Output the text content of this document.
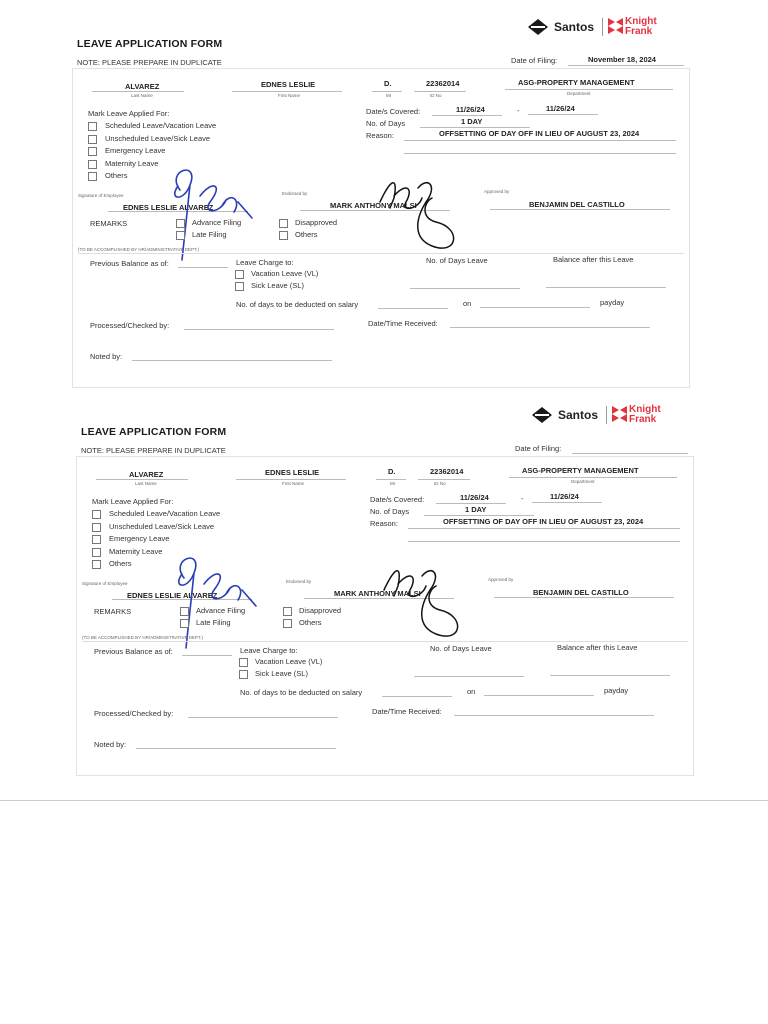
Santos	Knight
Frank
LEAVE APPLICATION FORM
NOTE: PLEASE PREPARE IN DUPLICATE	Date of Filing:	November 18, 2024
ALVAREZ
Last Name
EDNES LESLIE
First Name
D.
MI
22362014
ID No
ASG-PROPERTY MANAGEMENT
Department
Mark Leave Applied For:
Scheduled Leave/Vacation Leave
Unscheduled Leave/Sick Leave
Emergency Leave
Maternity Leave
Others
Date/s Covered:	11/26/24	-	11/26/24
No. of Days	1 DAY
Reason:	OFFSETTING OF DAY OFF IN LIEU OF AUGUST 23, 2024
Signature of Employee
EDNES LESLIE ALVAREZ
Endorsed by
MARK ANTHONY MALSI
Approved by
BENJAMIN DEL CASTILLO
REMARKS	Advance Filing
Late Filing
Disapproved
Others
(TO BE ACCOMPLISHED BY HR/ADMINISTRATIVE DEPT.)
Previous Balance as of:	Leave Charge to:
Vacation Leave (VL)
Sick Leave (SL)
No. of Days Leave	Balance after this Leave
No. of days to be deducted on salary	on	payday
Processed/Checked by:	Date/Time Received:
Noted by:
Santos	Knight
Frank
LEAVE APPLICATION FORM
NOTE: PLEASE PREPARE IN DUPLICATE	Date of Filing:
ALVAREZ
Last Name
EDNES LESLIE
First Name
D.
MI
22362014
ID No
ASG-PROPERTY MANAGEMENT
Department
Mark Leave Applied For:
Scheduled Leave/Vacation Leave
Unscheduled Leave/Sick Leave
Emergency Leave
Maternity Leave
Others
Date/s Covered:	11/26/24	-	11/26/24
No. of Days	1 DAY
Reason:	OFFSETTING OF DAY OFF IN LIEU OF AUGUST 23, 2024
Signature of Employee
EDNES LESLIE ALVAREZ
Endorsed by
MARK ANTHONY MALSI
Approved by
BENJAMIN DEL CASTILLO
REMARKS	Advance Filing
Late Filing
Disapproved
Others
(TO BE ACCOMPLISHED BY HR/ADMINISTRATIVE DEPT.)
Previous Balance as of:	Leave Charge to:
Vacation Leave (VL)
Sick Leave (SL)
No. of Days Leave	Balance after this Leave
No. of days to be deducted on salary	on	payday
Processed/Checked by:	Date/Time Received:
Noted by:
